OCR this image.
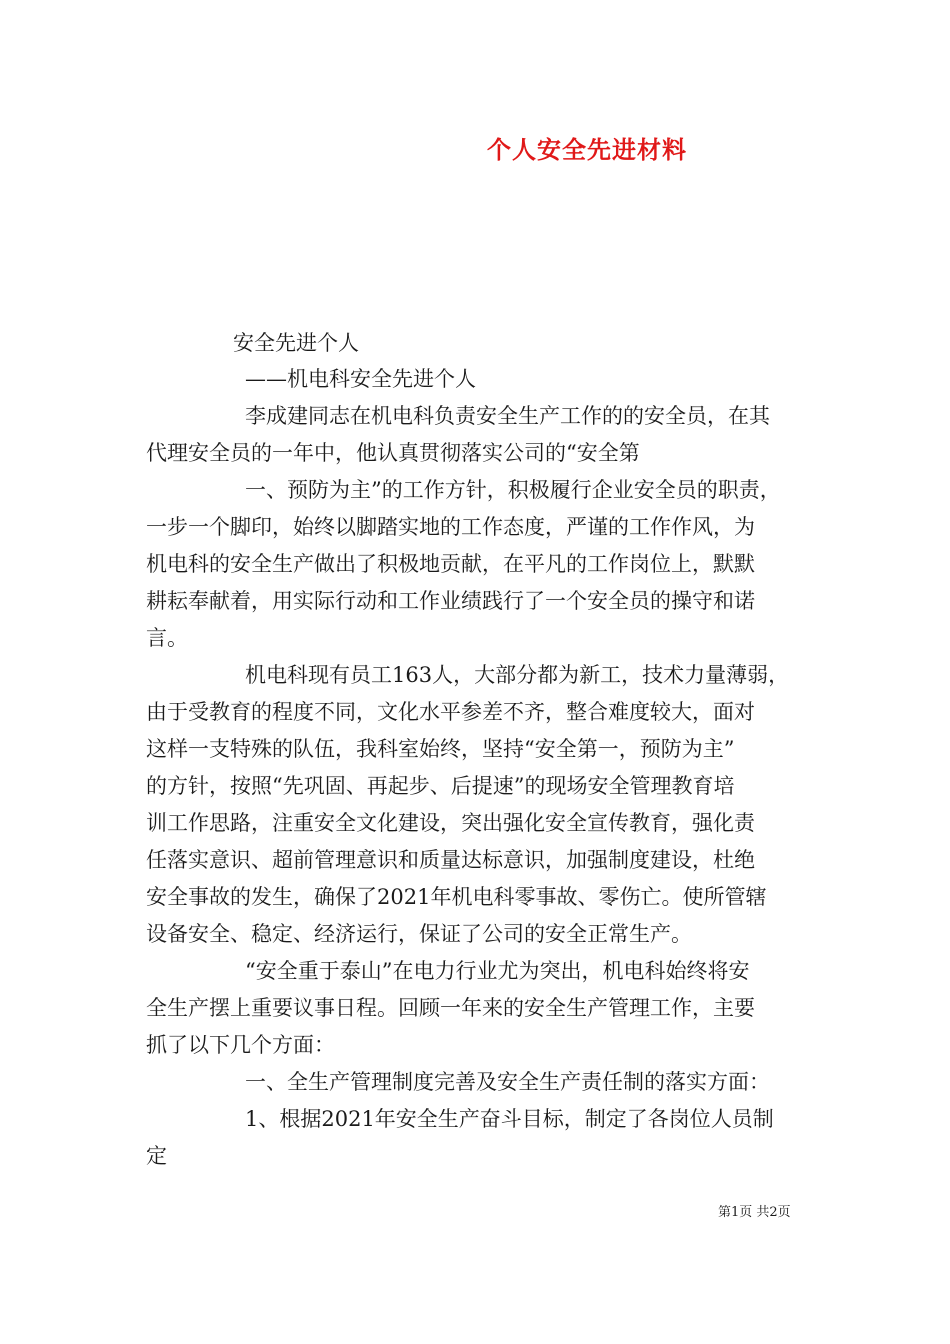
个人安全先进材料
安全先进个人
——机电科安全先进个人
李成建同志在机电科负责安全生产工作的的安全员，在其
代理安全员的一年中，他认真贯彻落实公司的“安全第
一、预防为主”的工作方针，积极履行企业安全员的职责，
一步一个脚印，始终以脚踏实地的工作态度，严谨的工作作风，为
机电科的安全生产做出了积极地贡献，在平凡的工作岗位上，默默
耕耘奉献着，用实际行动和工作业绩践行了一个安全员的操守和诺
言。
机电科现有员工163人，大部分都为新工，技术力量薄弱，
由于受教育的程度不同，文化水平参差不齐，整合难度较大，面对
这样一支特殊的队伍，我科室始终，坚持“安全第一，预防为主”
的方针，按照“先巩固、再起步、后提速”的现场安全管理教育培
训工作思路，注重安全文化建设，突出强化安全宣传教育，强化责
任落实意识、超前管理意识和质量达标意识，加强制度建设，杜绝
安全事故的发生，确保了2021年机电科零事故、零伤亡。使所管辖
设备安全、稳定、经济运行，保证了公司的安全正常生产。
“安全重于泰山”在电力行业尤为突出，机电科始终将安
全生产摆上重要议事日程。回顾一年来的安全生产管理工作，主要
抓了以下几个方面：
一、全生产管理制度完善及安全生产责任制的落实方面：
1、根据2021年安全生产奋斗目标，制定了各岗位人员制
定
第1页 共2页
